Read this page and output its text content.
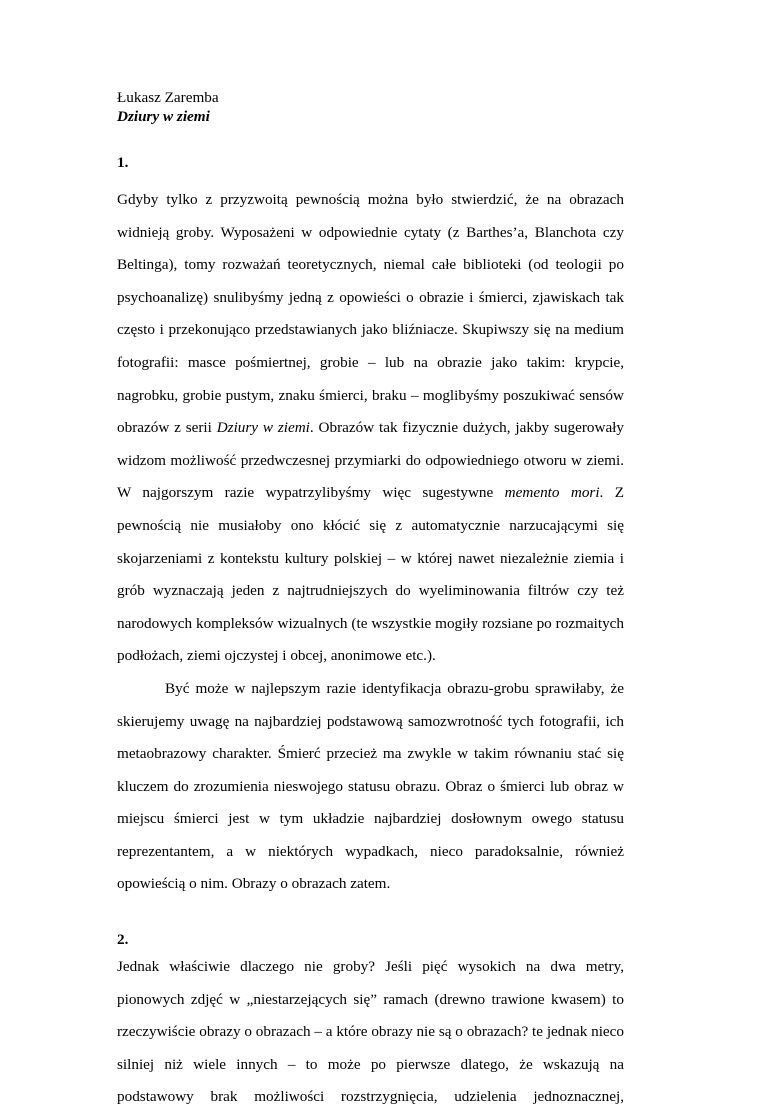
Łukasz Zaremba
Dziury w ziemi
1.

Gdyby tylko z przyzwoitą pewnością można było stwierdzić, że na obrazach widnieją groby. Wyposażeni w odpowiednie cytaty (z Barthes’a, Blanchota czy Beltinga), tomy rozważań teoretycznych, niemal całe biblioteki (od teologii po psychoanalizę) snulibyśmy jedną z opowieści o obrazie i śmierci, zjawiskach tak często i przekonująco przedstawianych jako bliźniacze. Skupiwszy się na medium fotografii: masce pośmiertnej, grobie – lub na obrazie jako takim: krypcie, nagrobku, grobie pustym, znaku śmierci, braku – moglibyśmy poszukiwać sensów obrazów z serii Dziury w ziemi. Obrazów tak fizycznie dużych, jakby sugerowały widzom możliwość przedwczesnej przymiarki do odpowiedniego otworu w ziemi. W najgorszym razie wypatrzylibyśmy więc sugestywne memento mori. Z pewnością nie musiałoby ono kłócić się z automatycznie narzucającymi się skojarzeniami z kontekstu kultury polskiej – w której nawet niezależnie ziemia i grób wyznaczają jeden z najtrudniejszych do wyeliminowania filtrów czy też narodowych kompleksów wizualnych (te wszystkie mogiły rozsiane po rozmaitych podłożach, ziemi ojczystej i obcej, anonimowe etc.).

Być może w najlepszym razie identyfikacja obrazu-grobu sprawiłaby, że skierujemy uwagę na najbardziej podstawową samozwrotność tych fotografii, ich metaobrazowy charakter. Śmierć przecież ma zwykle w takim równaniu stać się kluczem do zrozumienia nieswojego statusu obrazu. Obraz o śmierci lub obraz w miejscu śmierci jest w tym układzie najbardziej dosłownym owego statusu reprezentantem, a w niektórych wypadkach, nieco paradoksalnie, również opowieścią o nim. Obrazy o obrazach zatem.

2.

Jednak właściwie dlaczego nie groby? Jeśli pięć wysokich na dwa metry, pionowych zdjęć w „niestarzejących się” ramach (drewno trawione kwasem) to rzeczywiście obrazy o obrazach – a które obrazy nie są o obrazach? te jednak nieco silniej niż wiele innych – to może po pierwsze dlatego, że wskazują na podstawowy brak możliwości rozstrzygnięcia, udzielenia jednoznacznej,
